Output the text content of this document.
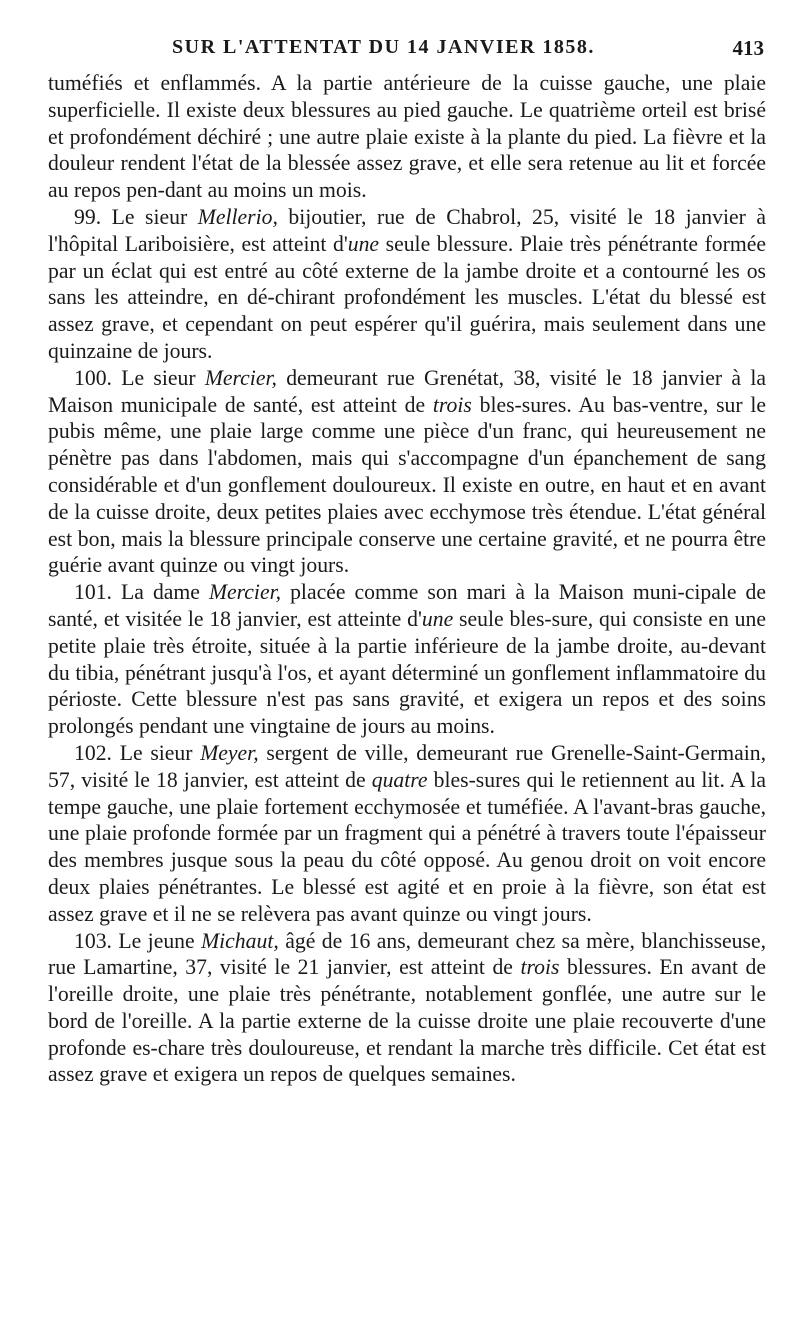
SUR L'ATTENTAT DU 14 JANVIER 1858.	413

tuméfiés et enflammés. A la partie antérieure de la cuisse gauche, une plaie superficielle. Il existe deux blessures au pied gauche. Le quatrième orteil est brisé et profondément déchiré ; une autre plaie existe à la plante du pied. La fièvre et la douleur rendent l'état de la blessée assez grave, et elle sera retenue au lit et forcée au repos pen-dant au moins un mois.

99. Le sieur Mellerio, bijoutier, rue de Chabrol, 25, visité le 18 janvier à l'hôpital Lariboisière, est atteint d'une seule blessure. Plaie très pénétrante formée par un éclat qui est entré au côté externe de la jambe droite et a contourné les os sans les atteindre, en dé-chirant profondément les muscles. L'état du blessé est assez grave, et cependant on peut espérer qu'il guérira, mais seulement dans une quinzaine de jours.

100. Le sieur Mercier, demeurant rue Grenétat, 38, visité le 18 janvier à la Maison municipale de santé, est atteint de trois bles-sures. Au bas-ventre, sur le pubis même, une plaie large comme une pièce d'un franc, qui heureusement ne pénètre pas dans l'abdomen, mais qui s'accompagne d'un épanchement de sang considérable et d'un gonflement douloureux. Il existe en outre, en haut et en avant de la cuisse droite, deux petites plaies avec ecchymose très étendue. L'état général est bon, mais la blessure principale conserve une certaine gravité, et ne pourra être guérie avant quinze ou vingt jours.

101. La dame Mercier, placée comme son mari à la Maison muni-cipale de santé, et visitée le 18 janvier, est atteinte d'une seule bles-sure, qui consiste en une petite plaie très étroite, située à la partie inférieure de la jambe droite, au-devant du tibia, pénétrant jusqu'à l'os, et ayant déterminé un gonflement inflammatoire du périoste. Cette blessure n'est pas sans gravité, et exigera un repos et des soins prolongés pendant une vingtaine de jours au moins.

102. Le sieur Meyer, sergent de ville, demeurant rue Grenelle-Saint-Germain, 57, visité le 18 janvier, est atteint de quatre bles-sures qui le retiennent au lit. A la tempe gauche, une plaie fortement ecchymosée et tuméfiée. A l'avant-bras gauche, une plaie profonde formée par un fragment qui a pénétré à travers toute l'épaisseur des membres jusque sous la peau du côté opposé. Au genou droit on voit encore deux plaies pénétrantes. Le blessé est agité et en proie à la fièvre, son état est assez grave et il ne se relèvera pas avant quinze ou vingt jours.

103. Le jeune Michaut, âgé de 16 ans, demeurant chez sa mère, blanchisseuse, rue Lamartine, 37, visité le 21 janvier, est atteint de trois blessures. En avant de l'oreille droite, une plaie très pénétrante, notablement gonflée, une autre sur le bord de l'oreille. A la partie externe de la cuisse droite une plaie recouverte d'une profonde es-chare très douloureuse, et rendant la marche très difficile. Cet état est assez grave et exigera un repos de quelques semaines.
